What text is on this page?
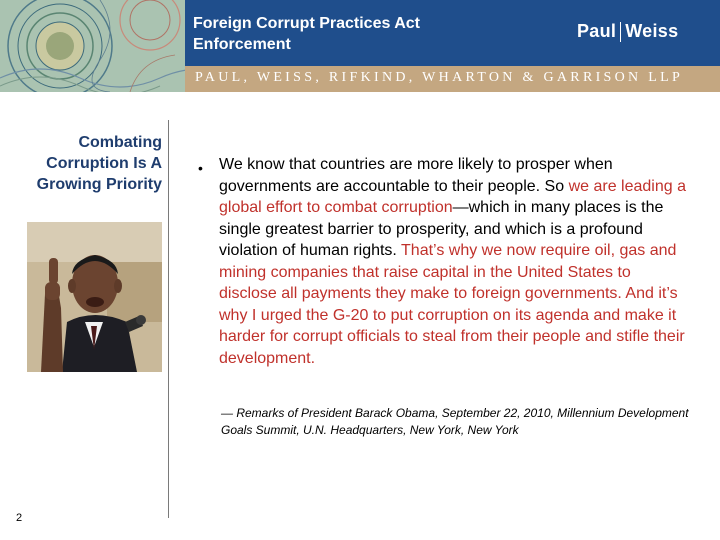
Foreign Corrupt Practices Act Enforcement
Paul Weiss
PAUL, WEISS, RIFKIND, WHARTON & GARRISON LLP
Combating Corruption Is A Growing Priority
• We know that countries are more likely to prosper when governments are accountable to their people. So we are leading a global effort to combat corruption—which in many places is the single greatest barrier to prosperity, and which is a profound violation of human rights. That’s why we now require oil, gas and mining companies that raise capital in the United States to disclose all payments they make to foreign governments. And it’s why I urged the G-20 to put corruption on its agenda and make it harder for corrupt officials to steal from their people and stifle their development.

— Remarks of President Barack Obama, September 22, 2010, Millennium Development Goals Summit, U.N. Headquarters, New York, New York

2
